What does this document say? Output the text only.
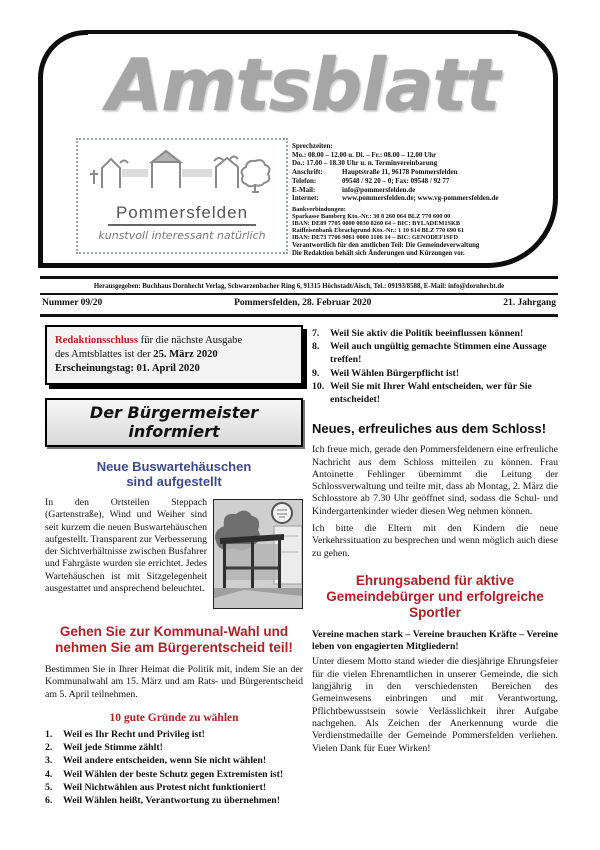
Amtsblatt
Pommersfelden
kunstvoll interessant natürlich
Sprechzeiten:
Mo.: 08.00 – 12.00 u. Di. – Fr.: 08.00 – 12.00 Uhr
Do.: 17.00 – 18.30 Uhr u. n. Terminvereinbarung
Anschrift:	Hauptstraße 11, 96178 Pommersfelden
Telefon:	09548 / 92 20 – 0; Fax: 09548 / 92 77
E-Mail:	info@pommersfelden.de
Internet:	www.pommersfelden.de; www.vg-pommersfelden.de
Bankverbindungen:
Sparkasse Bamberg Kto.-Nr.: 30 8 260 064 BLZ 770 600 00
IBAN: DE89 7705 0000 0030 8260 64 – BIC: BYLADEM1SKB
Raiffeisenbank Ebrachgrund Kto.-Nr.: 1 10 614 BLZ 770 690 61
IBAN: DE73 7706 9061 0000 1106 14 – BIC: GENODEF1SFD
Verantwortlich für den amtlichen Teil: Die Gemeindeverwaltung
Die Redaktion behält sich Änderungen und Kürzungen vor.
Herausgegeben: Buchhaus Dornhecht Verlag, Schwarzenbacher Ring 6, 91315 Höchstadt/Aisch, Tel.: 09193/8588, E-Mail: info@dornhecht.de
Nummer 09/20	Pommersfelden, 28. Februar 2020	21. Jahrgang
Redaktionsschluss für die nächste Ausgabe
des Amtsblattes ist der 25. März 2020
Erscheinungstag: 01. April 2020
Der Bürgermeister informiert
Neue Buswartehäuschen
sind aufgestellt
In den Ortsteilen Steppach (Gartenstraße), Wind und Weiher sind seit kurzem die neuen Buswartehäuschen aufgestellt. Transparent zur Verbesserung der Sichtverhältnisse zwischen Busfahrer und Fahrgäste wurden sie errichtet. Jedes Wartehäuschen ist mit Sitzgelegenheit ausgestattet und ansprechend beleuchtet.
Gehen Sie zur Kommunal-Wahl und
nehmen Sie am Bürgerentscheid teil!
Bestimmen Sie in Ihrer Heimat die Politik mit, indem Sie an der Kommunalwahl am 15. März und am Rats- und Bürgerentscheid am 5. April teilnehmen.
10 gute Gründe zu wählen
1.	Weil es Ihr Recht und Privileg ist!
2.	Weil jede Stimme zählt!
3.	Weil andere entscheiden, wenn Sie nicht wählen!
4.	Weil Wählen der beste Schutz gegen Extremisten ist!
5.	Weil Nichtwählen aus Protest nicht funktioniert!
6.	Weil Wählen heißt, Verantwortung zu übernehmen!
7.	Weil Sie aktiv die Politik beeinflussen können!
8.	Weil auch ungültig gemachte Stimmen eine Aussage treffen!
9.	Weil Wählen Bürgerpflicht ist!
10. Weil Sie mit Ihrer Wahl entscheiden, wer für Sie entscheidet!
Neues, erfreuliches aus dem Schloss!
Ich freue mich, gerade den Pommersfeldenern eine erfreuliche Nachricht aus dem Schloss mitteilen zu können. Frau Antoinette Fehlinger übernimmt die Leitung der Schlossverwaltung und teilte mit, dass ab Montag, 2. März die Schlosstore ab 7.30 Uhr geöffnet sind, sodass die Schul- und Kindergartenkinder wieder diesen Weg nehmen können.
Ich bitte die Eltern mit den Kindern die neue Verkehrssituation zu besprechen und wenn möglich auch diese zu gehen.
Ehrungsabend für aktive Gemeindebürger und erfolgreiche Sportler
Vereine machen stark – Vereine brauchen Kräfte – Vereine leben von engagierten Mitgliedern!
Unter diesem Motto stand wieder die diesjährige Ehrungsfeier für die vielen Ehrenamtlichen in unserer Gemeinde, die sich langjährig in den verschiedensten Bereichen des Gemeinwesens einbringen und mit Verantwortung, Pflichtbewusstsein sowie Verlässlichkeit ihrer Aufgabe nachgehen. Als Zeichen der Anerkennung wurde die Verdienstmedaille der Gemeinde Pommersfelden verliehen. Vielen Dank für Euer Wirken!
